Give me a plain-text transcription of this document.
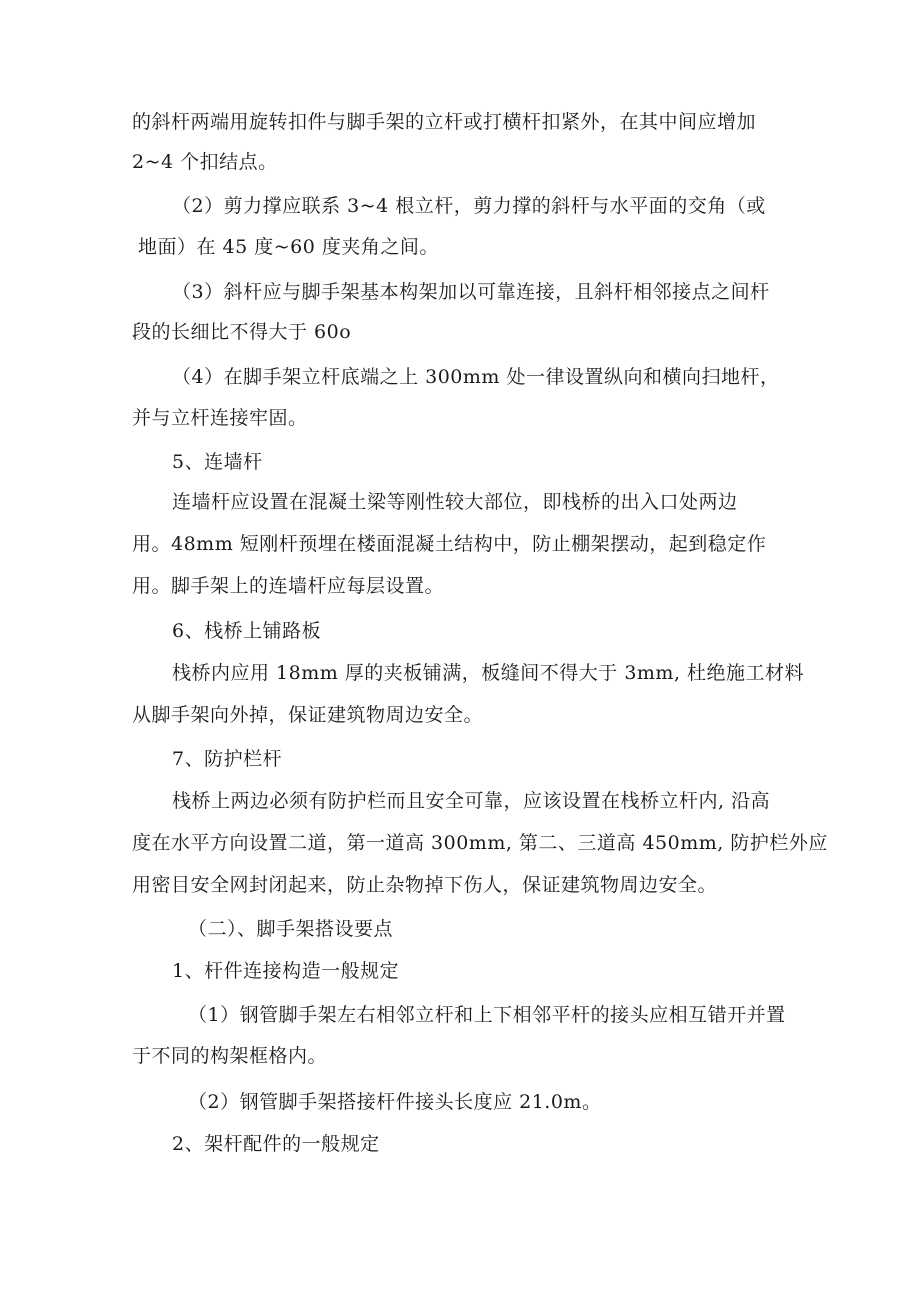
的斜杆两端用旋转扣件与脚手架的立杆或打横杆扣紧外，在其中间应增加
2~4 个扣结点。
（2）剪力撑应联系 3~4 根立杆，剪力撑的斜杆与水平面的交角（或
地面）在 45 度~60 度夹角之间。
（3）斜杆应与脚手架基本构架加以可靠连接，且斜杆相邻接点之间杆
段的长细比不得大于 60o
（4）在脚手架立杆底端之上 300mm 处一律设置纵向和横向扫地杆，
并与立杆连接牢固。
5、连墙杆
连墙杆应设置在混凝土梁等刚性较大部位，即栈桥的出入口处两边
用。48mm 短刚杆预埋在楼面混凝土结构中，防止棚架摆动，起到稳定作
用。脚手架上的连墙杆应每层设置。
6、栈桥上铺路板
栈桥内应用 18mm 厚的夹板铺满，板缝间不得大于 3mm, 杜绝施工材料
从脚手架向外掉，保证建筑物周边安全。
7、防护栏杆
栈桥上两边必须有防护栏而且安全可靠，应该设置在栈桥立杆内, 沿高
度在水平方向设置二道，第一道高 300mm, 第二、三道高 450mm, 防护栏外应
用密目安全网封闭起来，防止杂物掉下伤人，保证建筑物周边安全。
（二）、脚手架搭设要点
1、杆件连接构造一般规定
（1）钢管脚手架左右相邻立杆和上下相邻平杆的接头应相互错开并置
于不同的构架框格内。
（2）钢管脚手架搭接杆件接头长度应 21.0m。
2、架杆配件的一般规定
